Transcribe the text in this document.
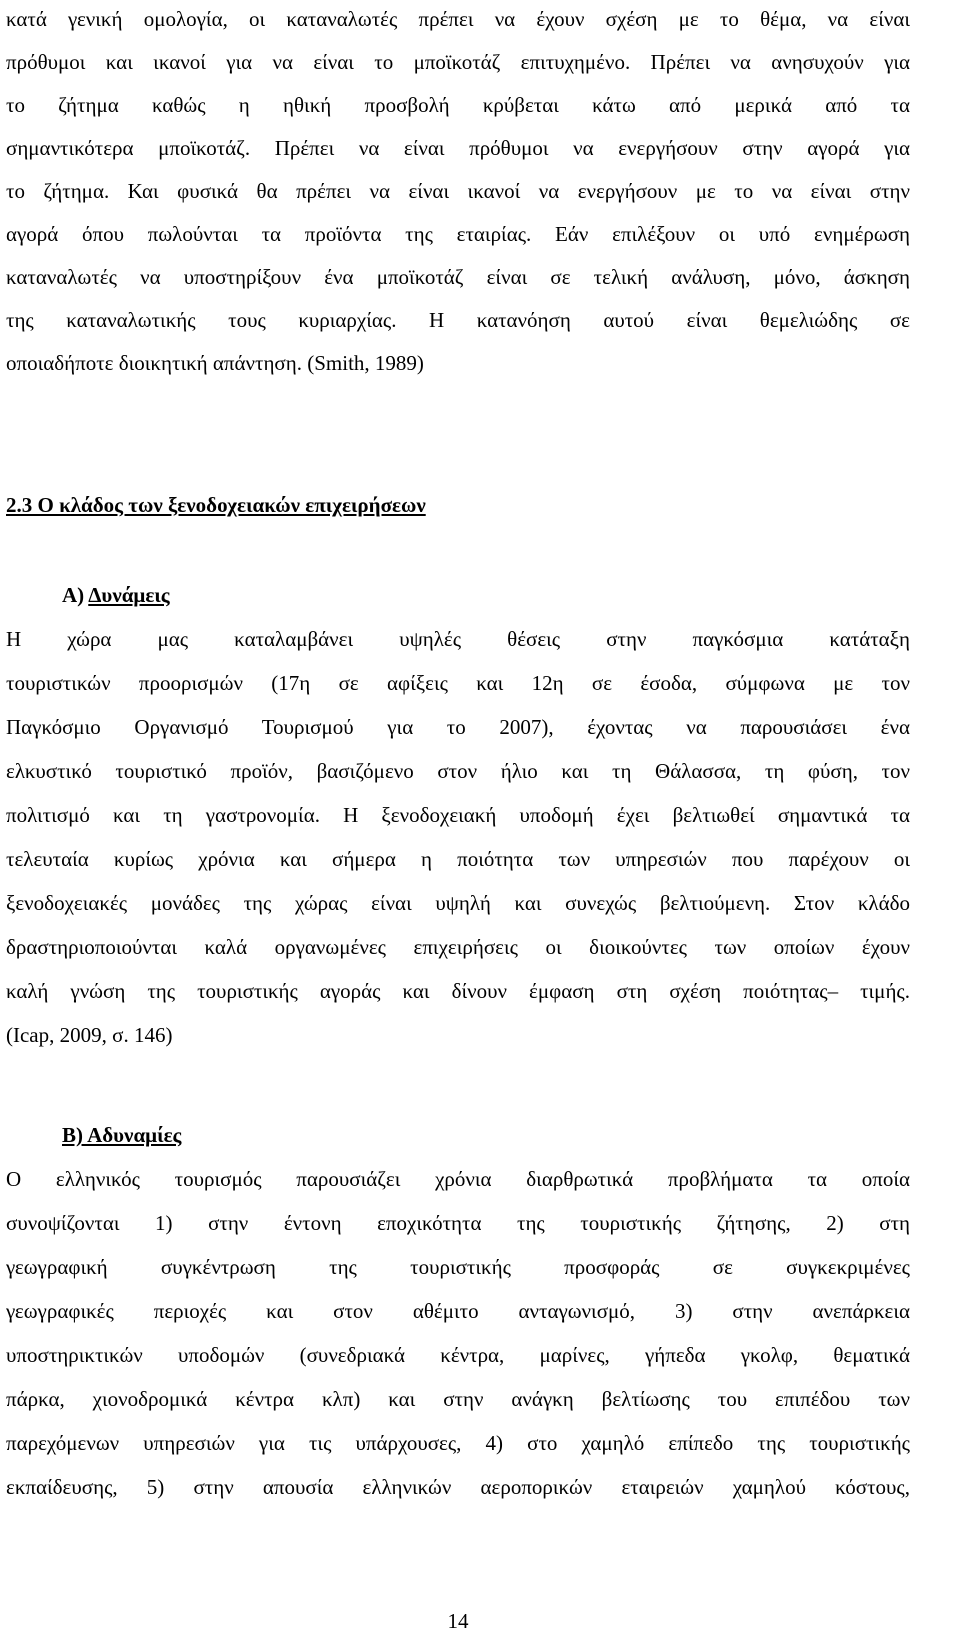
κατά γενική ομολογία, οι καταναλωτές πρέπει να έχουν σχέση με το θέμα, να είναι
πρόθυμοι και ικανοί για να είναι το μποϊκοτάζ επιτυχημένο. Πρέπει να ανησυχούν για
το ζήτημα καθώς η ηθική προσβολή κρύβεται κάτω από μερικά από τα
σημαντικότερα μποϊκοτάζ. Πρέπει να είναι πρόθυμοι να ενεργήσουν στην αγορά για
το ζήτημα. Και φυσικά θα πρέπει να είναι ικανοί να ενεργήσουν με το να είναι στην
αγορά όπου πωλούνται τα προϊόντα της εταιρίας. Εάν επιλέξουν οι υπό ενημέρωση
καταναλωτές να υποστηρίξουν ένα μποϊκοτάζ είναι σε τελική ανάλυση, μόνο, άσκηση
της καταναλωτικής τους κυριαρχίας. Η κατανόηση αυτού είναι θεμελιώδης σε
οποιαδήποτε διοικητική απάντηση. (Smith, 1989)
2.3 Ο κλάδος των ξενοδοχειακών επιχειρήσεων
Α) Δυνάμεις
Η χώρα μας καταλαμβάνει υψηλές θέσεις στην παγκόσμια κατάταξη
τουριστικών προορισμών (17η σε αφίξεις και 12η σε έσοδα, σύμφωνα με τον
Παγκόσμιο Οργανισμό Τουρισμού για το 2007), έχοντας να παρουσιάσει ένα
ελκυστικό τουριστικό προϊόν, βασιζόμενο στον ήλιο και τη Θάλασσα, τη φύση, τον
πολιτισμό και τη γαστρονομία. Η ξενοδοχειακή υποδομή έχει βελτιωθεί σημαντικά τα
τελευταία κυρίως χρόνια και σήμερα η ποιότητα των υπηρεσιών που παρέχουν οι
ξενοδοχειακές μονάδες της χώρας είναι υψηλή και συνεχώς βελτιούμενη. Στον κλάδο
δραστηριοποιούνται καλά οργανωμένες επιχειρήσεις οι διοικούντες των οποίων έχουν
καλή γνώση της τουριστικής αγοράς και δίνουν έμφαση στη σχέση ποιότητας– τιμής.
(Icap, 2009, σ. 146)
Β) Αδυναμίες
Ο ελληνικός τουρισμός παρουσιάζει χρόνια διαρθρωτικά προβλήματα τα οποία
συνοψίζονται 1) στην έντονη εποχικότητα της τουριστικής ζήτησης, 2) στη
γεωγραφική συγκέντρωση της τουριστικής προσφοράς σε συγκεκριμένες
γεωγραφικές περιοχές και στον αθέμιτο ανταγωνισμό, 3) στην ανεπάρκεια
υποστηρικτικών υποδομών (συνεδριακά κέντρα, μαρίνες, γήπεδα γκολφ, θεματικά
πάρκα, χιονοδρομικά κέντρα κλπ) και στην ανάγκη βελτίωσης του επιπέδου των
παρεχόμενων υπηρεσιών για τις υπάρχουσες, 4) στο χαμηλό επίπεδο της τουριστικής
εκπαίδευσης, 5) στην απουσία ελληνικών αεροπορικών εταιρειών χαμηλού κόστους,
14
